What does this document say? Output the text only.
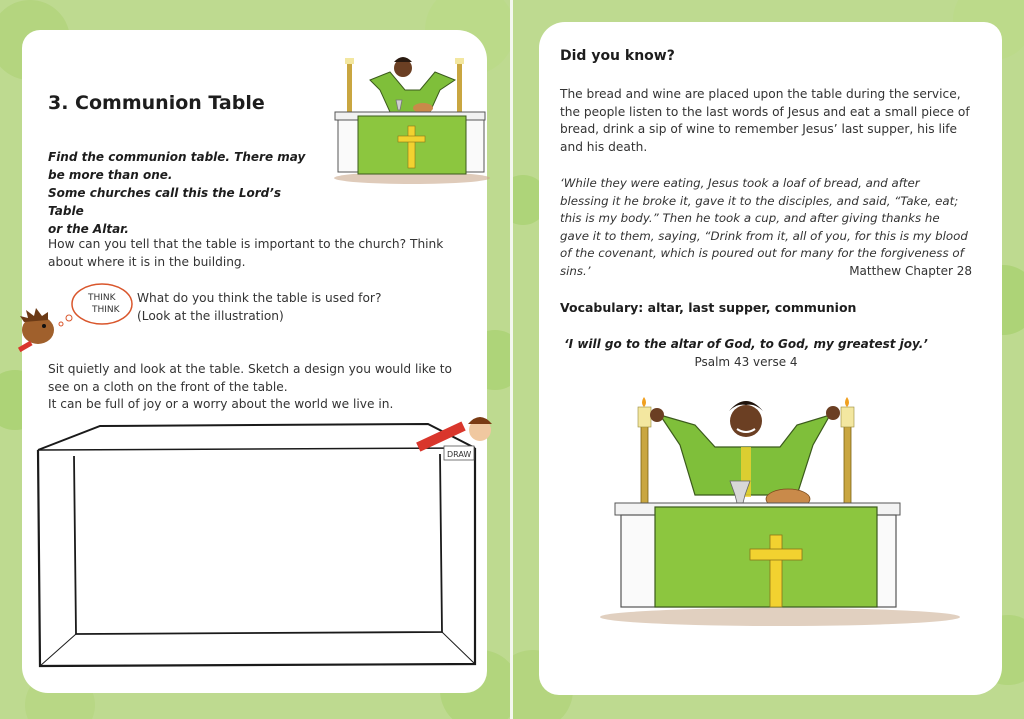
3. Communion Table

Find the communion table. There may

be more than one.

Some churches call this the Lord’s Table

or the Altar.

How can you tell that the table is important to the church? Think about where it is in the building.

THINK
THINK

What do you think the table is used for?
(Look at the illustration)

Sit quietly and look at the table. Sketch a design you would like to see on a cloth on the front of the table.
It can be full of joy or a worry about the world we live in.

DRAW
Did you know?

The bread and wine are placed upon the table during the service, the people listen to the last words of Jesus and eat a small piece of bread, drink a sip of wine to remember Jesus’ last supper, his life and his death.

‘While they were eating, Jesus took a loaf of bread, and after blessing it he broke it, gave it to the disciples, and said, “Take, eat; this is my body.” Then he took a cup, and after giving thanks he gave it to them, saying, “Drink from it, all of you, for this is my blood of the covenant, which is poured out for many for the forgiveness of sins.’	Matthew Chapter 28

Vocabulary: altar, last supper, communion

‘I will go to the altar of God, to God, my greatest joy.’

Psalm 43 verse 4
